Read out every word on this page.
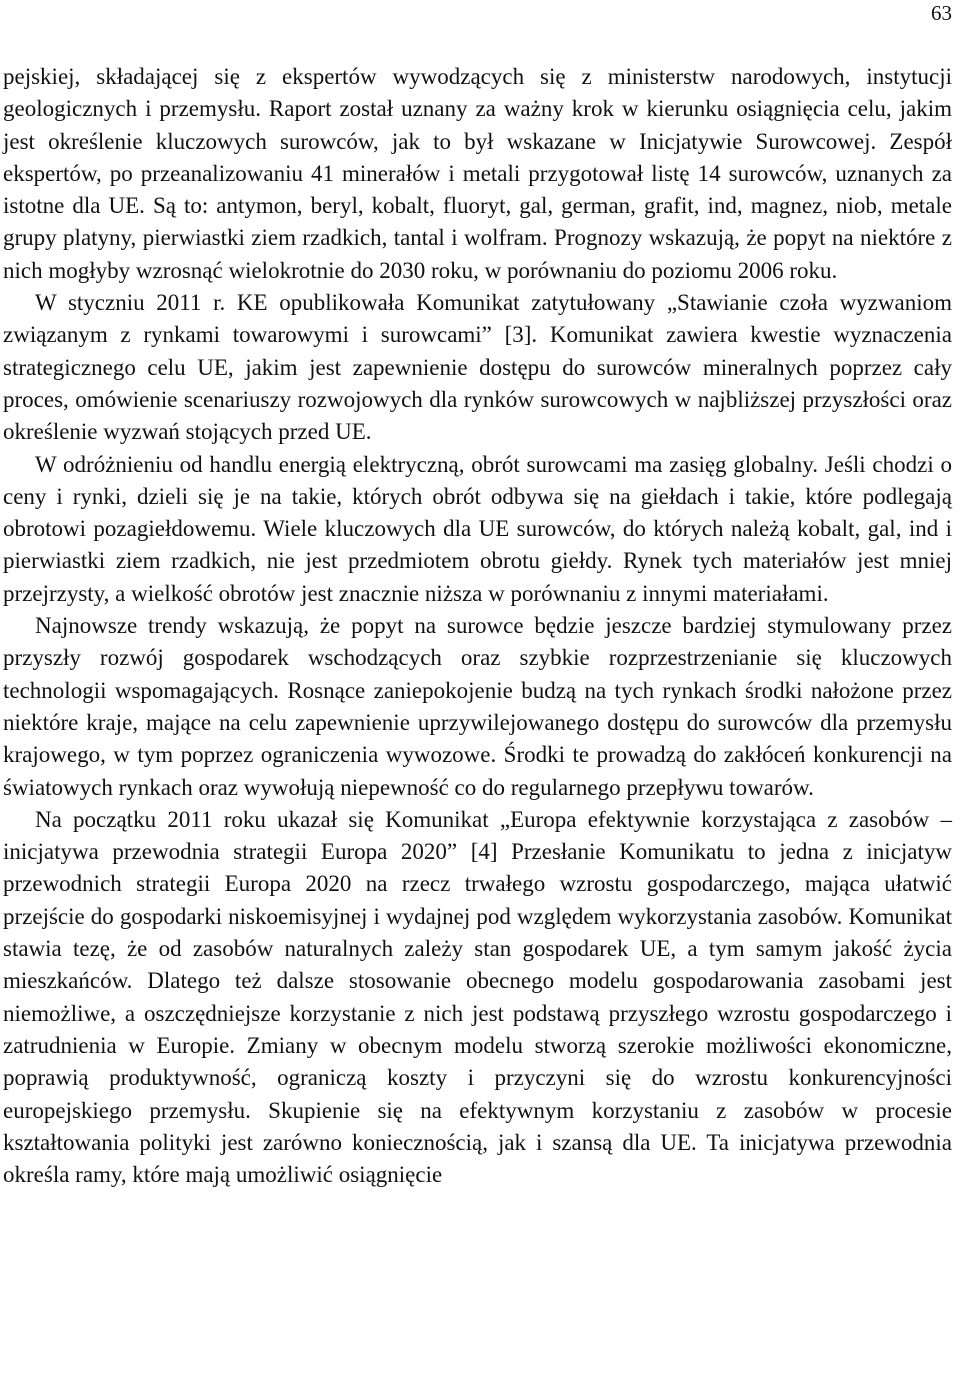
63

pejskiej, składającej się z ekspertów wywodzących się z ministerstw narodowych, instytucji geologicznych i przemysłu. Raport został uznany za ważny krok w kierunku osiągnięcia celu, jakim jest określenie kluczowych surowców, jak to był wskazane w Inicjatywie Surowcowej. Zespół ekspertów, po przeanalizowaniu 41 minerałów i metali przygotował listę 14 surowców, uznanych za istotne dla UE. Są to: antymon, beryl, kobalt, fluoryt, gal, german, grafit, ind, magnez, niob, metale grupy platyny, pierwiastki ziem rzadkich, tantal i wolfram. Prognozy wskazują, że popyt na niektóre z nich mogłyby wzrosnąć wielokrotnie do 2030 roku, w porównaniu do poziomu 2006 roku.

W styczniu 2011 r. KE opublikowała Komunikat zatytułowany „Stawianie czoła wyzwaniom związanym z rynkami towarowymi i surowcami” [3]. Komunikat zawiera kwestie wyznaczenia strategicznego celu UE, jakim jest zapewnienie dostępu do surowców mineralnych poprzez cały proces, omówienie scenariuszy rozwojowych dla rynków surowcowych w najbliższej przyszłości oraz określenie wyzwań stojących przed UE.

W odróżnieniu od handlu energią elektryczną, obrót surowcami ma zasięg globalny. Jeśli chodzi o ceny i rynki, dzieli się je na takie, których obrót odbywa się na giełdach i takie, które podlegają obrotowi pozagiełdowemu. Wiele kluczowych dla UE surowców, do których należą kobalt, gal, ind i pierwiastki ziem rzadkich, nie jest przedmiotem obrotu giełdy. Rynek tych materiałów jest mniej przejrzysty, a wielkość obrotów jest znacznie niższa w porównaniu z innymi materiałami.

Najnowsze trendy wskazują, że popyt na surowce będzie jeszcze bardziej stymulowany przez przyszły rozwój gospodarek wschodzących oraz szybkie rozprzestrzenianie się kluczowych technologii wspomagających. Rosnące zaniepokojenie budzą na tych rynkach środki nałożone przez niektóre kraje, mające na celu zapewnienie uprzywilejowanego dostępu do surowców dla przemysłu krajowego, w tym poprzez ograniczenia wywozowe. Środki te prowadzą do zakłóceń konkurencji na światowych rynkach oraz wywołują niepewność co do regularnego przepływu towarów.

Na początku 2011 roku ukazał się Komunikat „Europa efektywnie korzystająca z zasobów – inicjatywa przewodnia strategii Europa 2020” [4] Przesłanie Komunikatu to jedna z inicjatyw przewodnich strategii Europa 2020 na rzecz trwałego wzrostu gospodarczego, mająca ułatwić przejście do gospodarki niskoemisyjnej i wydajnej pod względem wykorzystania zasobów. Komunikat stawia tezę, że od zasobów naturalnych zależy stan gospodarek UE, a tym samym jakość życia mieszkańców. Dlatego też dalsze stosowanie obecnego modelu gospodarowania zasobami jest niemożliwe, a oszczędniejsze korzystanie z nich jest podstawą przyszłego wzrostu gospodarczego i zatrudnienia w Europie. Zmiany w obecnym modelu stworzą szerokie możliwości ekonomiczne, poprawią produktywność, ograniczą koszty i przyczyni się do wzrostu konkurencyjności europejskiego przemysłu. Skupienie się na efektywnym korzystaniu z zasobów w procesie kształtowania polityki jest zarówno koniecznością, jak i szansą dla UE. Ta inicjatywa przewodnia określa ramy, które mają umożliwić osiągnięcie
